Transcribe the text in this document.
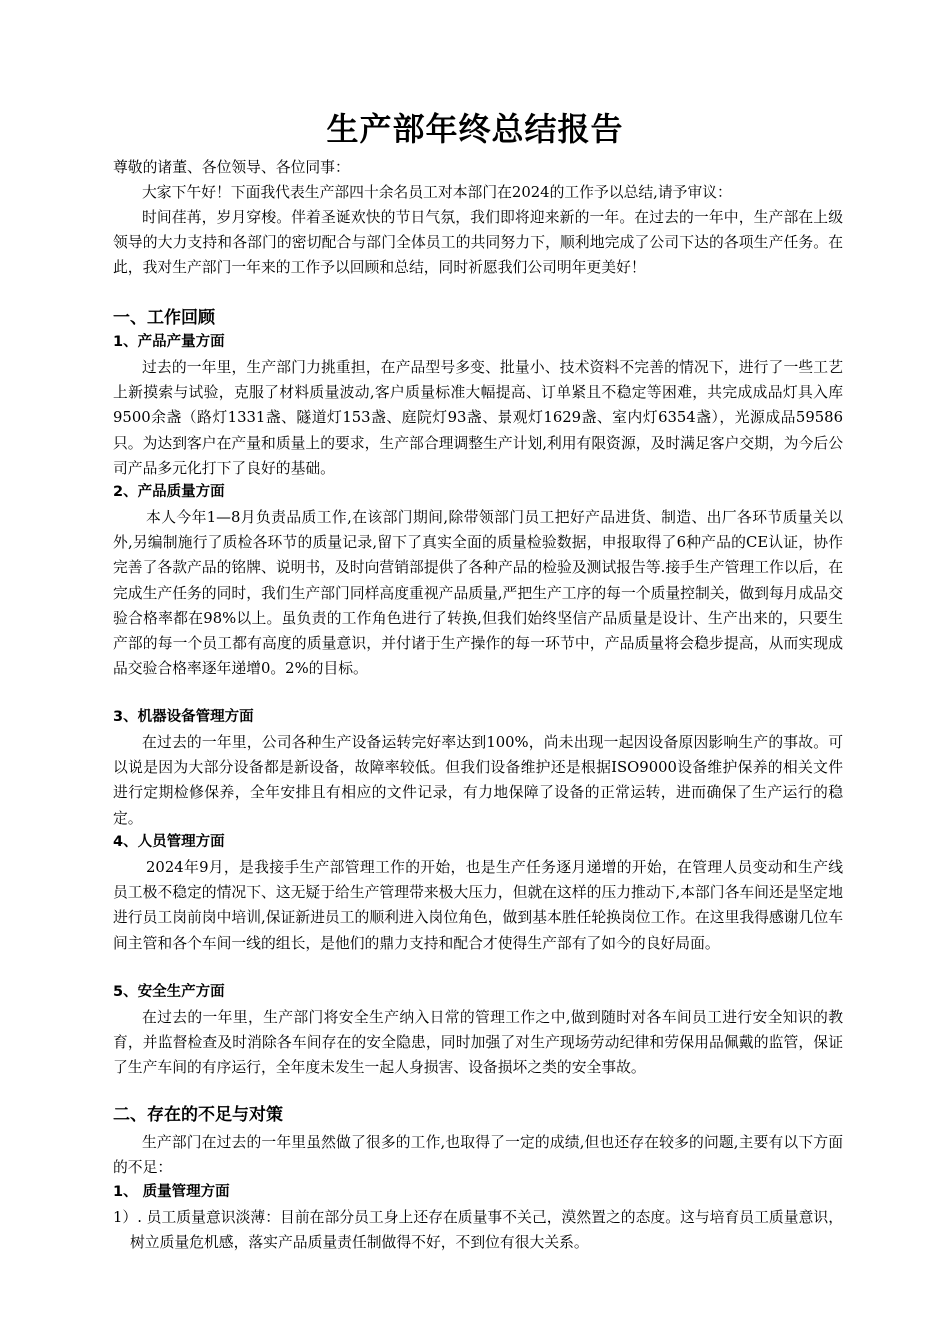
生产部年终总结报告

尊敬的诸董、各位领导、各位同事：

大家下午好！下面我代表生产部四十余名员工对本部门在2024的工作予以总结,请予审议：

时间荏苒，岁月穿梭。伴着圣诞欢快的节日气氛，我们即将迎来新的一年。在过去的一年中，生产部在上级领导的大力支持和各部门的密切配合与部门全体员工的共同努力下，顺利地完成了公司下达的各项生产任务。在此，我对生产部门一年来的工作予以回顾和总结，同时祈愿我们公司明年更美好！

一、工作回顾
1、产品产量方面

过去的一年里，生产部门力挑重担，在产品型号多变、批量小、技术资料不完善的情况下，进行了一些工艺上新摸索与试验，克服了材料质量波动,客户质量标准大幅提高、订单紧且不稳定等困难，共完成成品灯具入库9500余盏（路灯1331盏、隧道灯153盏、庭院灯93盏、景观灯1629盏、室内灯6354盏），光源成品59586只。为达到客户在产量和质量上的要求，生产部合理调整生产计划,利用有限资源，及时满足客户交期，为今后公司产品多元化打下了良好的基础。

2、产品质量方面

本人今年1—8月负责品质工作,在该部门期间,除带领部门员工把好产品进货、制造、出厂各环节质量关以外,另编制施行了质检各环节的质量记录,留下了真实全面的质量检验数据，申报取得了6种产品的CE认证，协作完善了各款产品的铭牌、说明书，及时向营销部提供了各种产品的检验及测试报告等.接手生产管理工作以后，在完成生产任务的同时，我们生产部门同样高度重视产品质量,严把生产工序的每一个质量控制关，做到每月成品交验合格率都在98%以上。虽负责的工作角色进行了转换,但我们始终坚信产品质量是设计、生产出来的，只要生产部的每一个员工都有高度的质量意识，并付诸于生产操作的每一环节中，产品质量将会稳步提高，从而实现成品交验合格率逐年递增0。2%的目标。

3、机器设备管理方面

在过去的一年里，公司各种生产设备运转完好率达到100%，尚未出现一起因设备原因影响生产的事故。可以说是因为大部分设备都是新设备，故障率较低。但我们设备维护还是根据ISO9000设备维护保养的相关文件进行定期检修保养，全年安排且有相应的文件记录，有力地保障了设备的正常运转，进而确保了生产运行的稳定。

4、人员管理方面

2024年9月，是我接手生产部管理工作的开始，也是生产任务逐月递增的开始，在管理人员变动和生产线员工极不稳定的情况下、这无疑于给生产管理带来极大压力，但就在这样的压力推动下,本部门各车间还是坚定地进行员工岗前岗中培训,保证新进员工的顺利进入岗位角色，做到基本胜任轮换岗位工作。在这里我得感谢几位车间主管和各个车间一线的组长，是他们的鼎力支持和配合才使得生产部有了如今的良好局面。

5、安全生产方面

在过去的一年里，生产部门将安全生产纳入日常的管理工作之中,做到随时对各车间员工进行安全知识的教育，并监督检查及时消除各车间存在的安全隐患，同时加强了对生产现场劳动纪律和劳保用品佩戴的监管，保证了生产车间的有序运行，全年度未发生一起人身损害、设备损坏之类的安全事故。

二、存在的不足与对策

生产部门在过去的一年里虽然做了很多的工作,也取得了一定的成绩,但也还存在较多的问题,主要有以下方面的不足：

1、 质量管理方面

1）. 员工质量意识淡薄：目前在部分员工身上还存在质量事不关己，漠然置之的态度。这与培育员工质量意识，树立质量危机感，落实产品质量责任制做得不好，不到位有很大关系。
